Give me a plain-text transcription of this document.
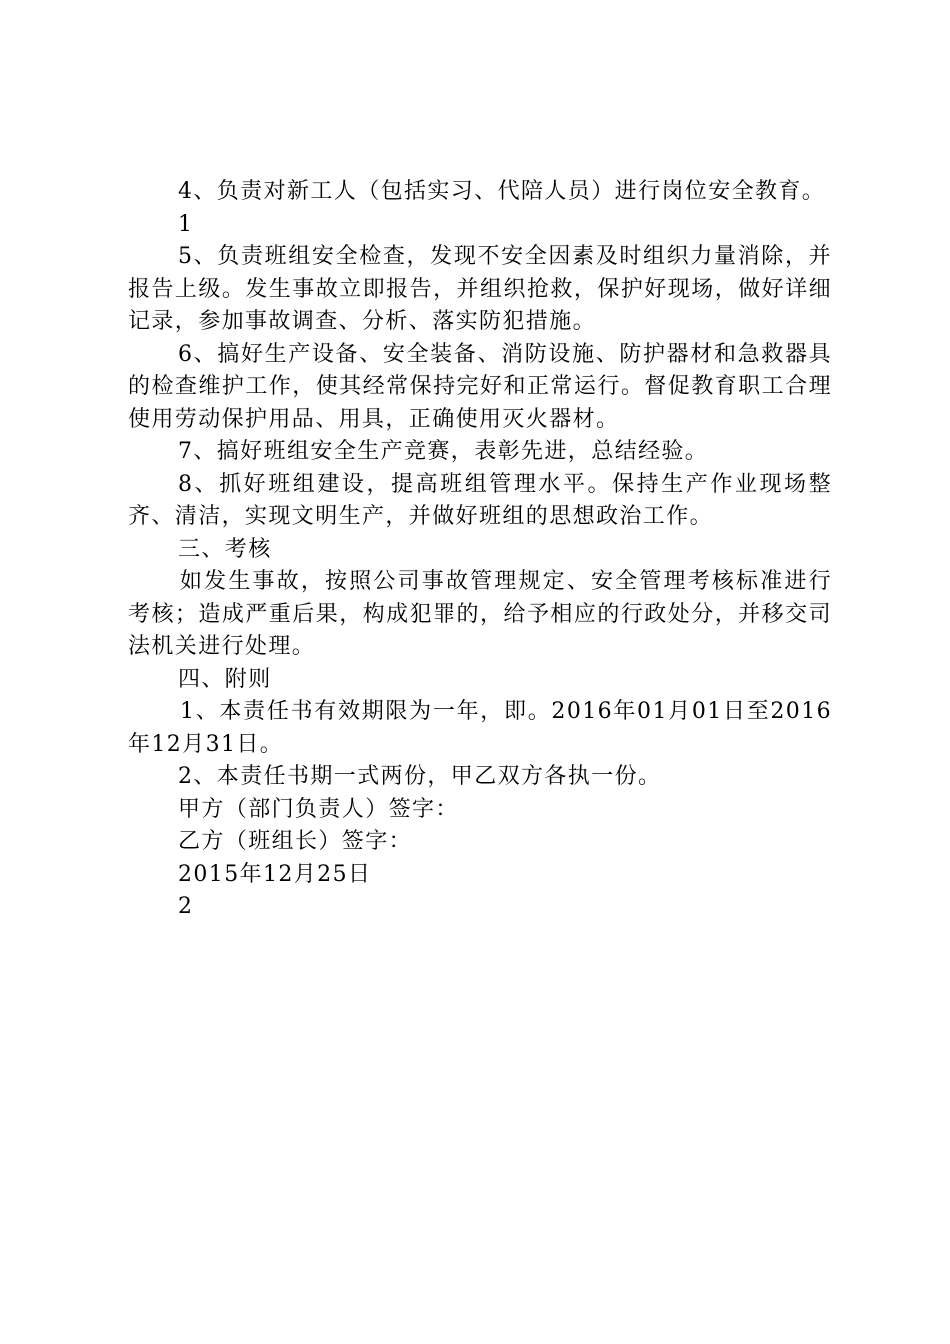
4、负责对新工人（包括实习、代陪人员）进行岗位安全教育。

1

5、负责班组安全检查，发现不安全因素及时组织力量消除，并报告上级。发生事故立即报告，并组织抢救，保护好现场，做好详细记录，参加事故调查、分析、落实防犯措施。

6、搞好生产设备、安全装备、消防设施、防护器材和急救器具的检查维护工作，使其经常保持完好和正常运行。督促教育职工合理使用劳动保护用品、用具，正确使用灭火器材。

7、搞好班组安全生产竞赛，表彰先进，总结经验。

8、抓好班组建设，提高班组管理水平。保持生产作业现场整齐、清洁，实现文明生产，并做好班组的思想政治工作。

三、考核

如发生事故，按照公司事故管理规定、安全管理考核标准进行考核；造成严重后果，构成犯罪的，给予相应的行政处分，并移交司法机关进行处理。

四、附则

1、本责任书有效期限为一年，即。2016年01月01日至2016年12月31日。

2、本责任书期一式两份，甲乙双方各执一份。

甲方（部门负责人）签字：

乙方（班组长）签字：

2015年12月25日

2
